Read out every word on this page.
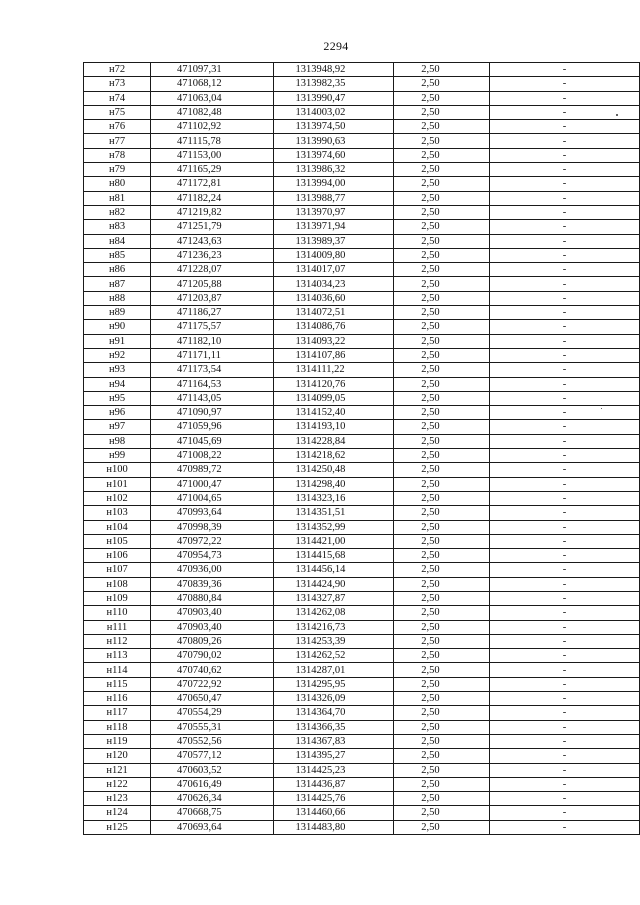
2294
н72	471097,31	1313948,92	2,50	-
н73	471068,12	1313982,35	2,50	-
н74	471063,04	1313990,47	2,50	-
н75	471082,48	1314003,02	2,50	-
н76	471102,92	1313974,50	2,50	-
н77	471115,78	1313990,63	2,50	-
н78	471153,00	1313974,60	2,50	-
н79	471165,29	1313986,32	2,50	-
н80	471172,81	1313994,00	2,50	-
н81	471182,24	1313988,77	2,50	-
н82	471219,82	1313970,97	2,50	-
н83	471251,79	1313971,94	2,50	-
н84	471243,63	1313989,37	2,50	-
н85	471236,23	1314009,80	2,50	-
н86	471228,07	1314017,07	2,50	-
н87	471205,88	1314034,23	2,50	-
н88	471203,87	1314036,60	2,50	-
н89	471186,27	1314072,51	2,50	-
н90	471175,57	1314086,76	2,50	-
н91	471182,10	1314093,22	2,50	-
н92	471171,11	1314107,86	2,50	-
н93	471173,54	1314111,22	2,50	-
н94	471164,53	1314120,76	2,50	-
н95	471143,05	1314099,05	2,50	-
н96	471090,97	1314152,40	2,50	-
н97	471059,96	1314193,10	2,50	-
н98	471045,69	1314228,84	2,50	-
н99	471008,22	1314218,62	2,50	-
н100	470989,72	1314250,48	2,50	-
н101	471000,47	1314298,40	2,50	-
н102	471004,65	1314323,16	2,50	-
н103	470993,64	1314351,51	2,50	-
н104	470998,39	1314352,99	2,50	-
н105	470972,22	1314421,00	2,50	-
н106	470954,73	1314415,68	2,50	-
н107	470936,00	1314456,14	2,50	-
н108	470839,36	1314424,90	2,50	-
н109	470880,84	1314327,87	2,50	-
н110	470903,40	1314262,08	2,50	-
н111	470903,40	1314216,73	2,50	-
н112	470809,26	1314253,39	2,50	-
н113	470790,02	1314262,52	2,50	-
н114	470740,62	1314287,01	2,50	-
н115	470722,92	1314295,95	2,50	-
н116	470650,47	1314326,09	2,50	-
н117	470554,29	1314364,70	2,50	-
н118	470555,31	1314366,35	2,50	-
н119	470552,56	1314367,83	2,50	-
н120	470577,12	1314395,27	2,50	-
н121	470603,52	1314425,23	2,50	-
н122	470616,49	1314436,87	2,50	-
н123	470626,34	1314425,76	2,50	-
н124	470668,75	1314460,66	2,50	-
н125	470693,64	1314483,80	2,50	-
